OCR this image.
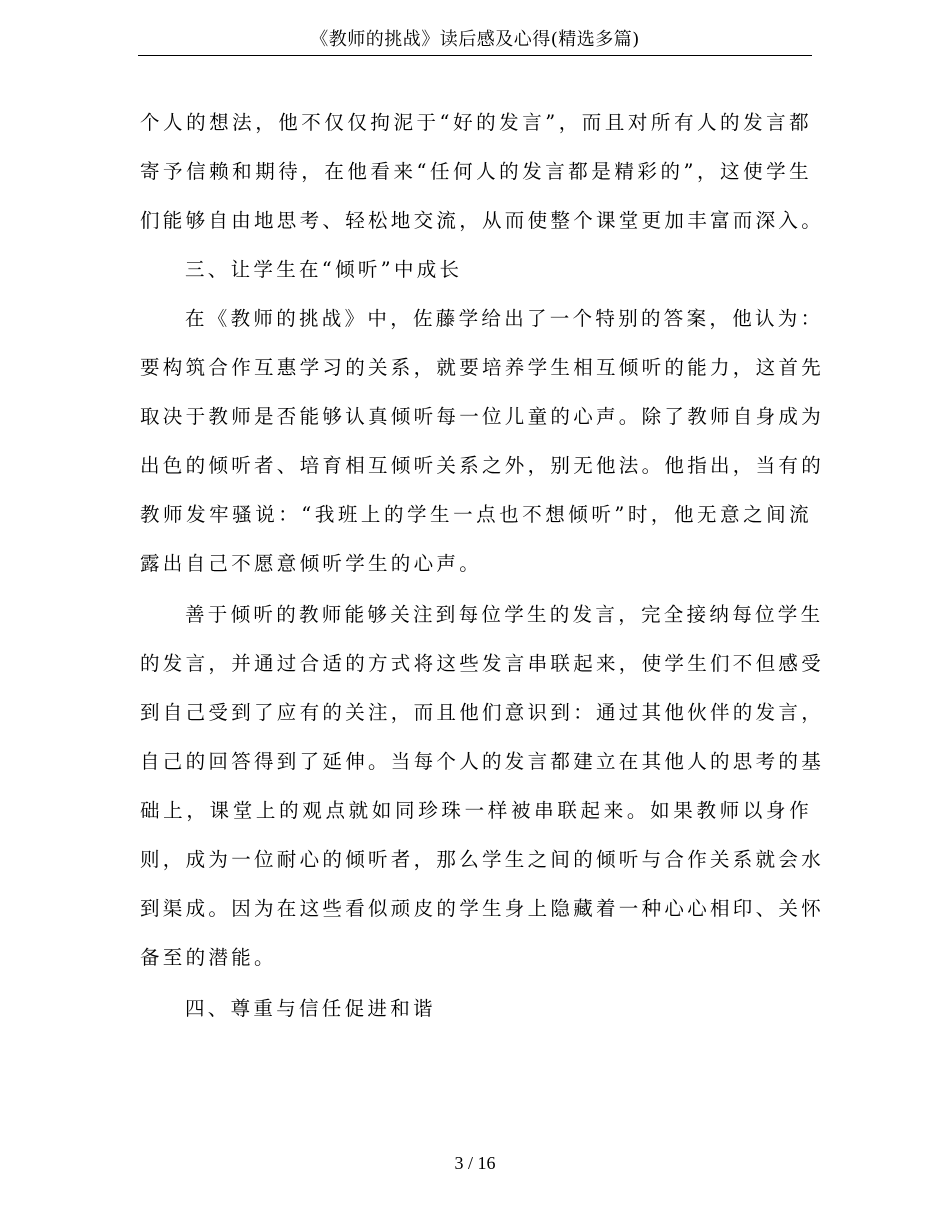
《教师的挑战》读后感及心得(精选多篇)
个人的想法，他不仅仅拘泥于“好的发言”，而且对所有人的发言都
寄予信赖和期待，在他看来“任何人的发言都是精彩的”，这使学生
们能够自由地思考、轻松地交流，从而使整个课堂更加丰富而深入。
三、让学生在“倾听”中成长
在《教师的挑战》中，佐藤学给出了一个特别的答案，他认为：
要构筑合作互惠学习的关系，就要培养学生相互倾听的能力，这首先
取决于教师是否能够认真倾听每一位儿童的心声。除了教师自身成为
出色的倾听者、培育相互倾听关系之外，别无他法。他指出，当有的
教师发牢骚说：“我班上的学生一点也不想倾听”时，他无意之间流
露出自己不愿意倾听学生的心声。
善于倾听的教师能够关注到每位学生的发言，完全接纳每位学生
的发言，并通过合适的方式将这些发言串联起来，使学生们不但感受
到自己受到了应有的关注，而且他们意识到：通过其他伙伴的发言，
自己的回答得到了延伸。当每个人的发言都建立在其他人的思考的基
础上，课堂上的观点就如同珍珠一样被串联起来。如果教师以身作
则，成为一位耐心的倾听者，那么学生之间的倾听与合作关系就会水
到渠成。因为在这些看似顽皮的学生身上隐藏着一种心心相印、关怀
备至的潜能。
四、尊重与信任促进和谐
3 / 16
